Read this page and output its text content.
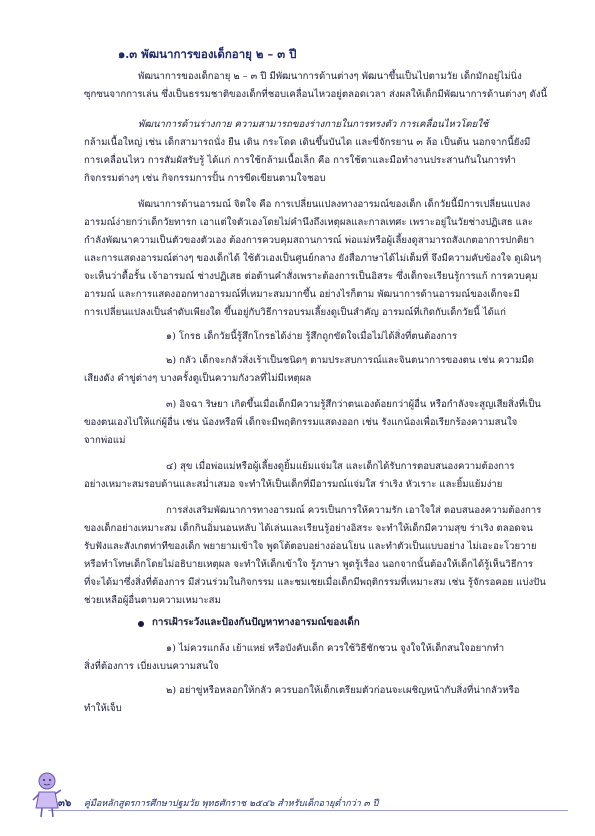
๑.๓ พัฒนาการของเด็กอายุ ๒ – ๓ ปี
พัฒนาการของเด็กอายุ ๒ – ๓ ปี มีพัฒนาการด้านต่างๆ พัฒนาขึ้นเป็นไปตามวัย เด็กมักอยู่ไม่นิ่ง
ซุกซนจากการเล่น ซึ่งเป็นธรรมชาติของเด็กที่ชอบเคลื่อนไหวอยู่ตลอดเวลา ส่งผลให้เด็กมีพัฒนาการด้านต่างๆ ดังนี้
พัฒนาการด้านร่างกาย ความสามารถของร่างกายในการทรงตัว การเคลื่อนไหวโดยใช้
กล้ามเนื้อใหญ่ เช่น เด็กสามารถนั่ง ยืน เดิน กระโดด เดินขึ้นบันได และขี่จักรยาน ๓ ล้อ เป็นต้น นอกจากนี้ยังมี
การเคลื่อนไหว การสัมผัสรับรู้ ได้แก่ การใช้กล้ามเนื้อเล็ก คือ การใช้ตาและมือทำงานประสานกันในการทำ
กิจกรรมต่างๆ เช่น กิจกรรมการปั้น การขีดเขียนตามใจชอบ
พัฒนาการด้านอารมณ์ จิตใจ คือ การเปลี่ยนแปลงทางอารมณ์ของเด็ก เด็กวัยนี้มีการเปลี่ยนแปลง
อารมณ์ง่ายกว่าเด็กวัยทารก เอาแต่ใจตัวเองโดยไม่คำนึงถึงเหตุผลและกาลเทศะ เพราะอยู่ในวัยช่างปฏิเสธ และ
กำลังพัฒนาความเป็นตัวของตัวเอง ต้องการควบคุมสถานการณ์ พ่อแม่หรือผู้เลี้ยงดูสามารถสังเกตอาการปกติยา
และการแสดงอารมณ์ต่างๆ ของเด็กได้ ใช้ตัวเองเป็นศูนย์กลาง ยังสื่อภาษาได้ไม่เต็มที่ จึงมีความคับข้องใจ ดูเผินๆ
จะเห็นว่าดื้อรั้น เจ้าอารมณ์ ช่างปฏิเสธ ต่อต้านคำสั่งเพราะต้องการเป็นอิสระ ซึ่งเด็กจะเรียนรู้การแก้ การควบคุม
อารมณ์ และการแสดงออกทางอารมณ์ที่เหมาะสมมากขึ้น อย่างไรก็ตาม พัฒนาการด้านอารมณ์ของเด็กจะมี
การเปลี่ยนแปลงเป็นลำดับเพียงใด ขึ้นอยู่กับวิธีการอบรมเลี้ยงดูเป็นสำคัญ อารมณ์ที่เกิดกับเด็กวัยนี้ ได้แก่
๑) โกรธ เด็กวัยนี้รู้สึกโกรธได้ง่าย รู้สึกถูกขัดใจเมื่อไม่ได้สิ่งที่ตนต้องการ
๒) กลัว เด็กจะกลัวสิ่งเร้าเป็นชนิดๆ ตามประสบการณ์และจินตนาการของตน เช่น ความมืด
เสียงดัง คำขู่ต่างๆ บางครั้งดูเป็นความกังวลที่ไม่มีเหตุผล
๓) อิจฉา ริษยา เกิดขึ้นเมื่อเด็กมีความรู้สึกว่าตนเองด้อยกว่าผู้อื่น หรือกำลังจะสูญเสียสิ่งที่เป็น
ของตนเองไปให้แก่ผู้อื่น เช่น น้องหรือพี่ เด็กจะมีพฤติกรรมแสดงออก เช่น รังแกน้องเพื่อเรียกร้องความสนใจ
จากพ่อแม่
๔) สุข เมื่อพ่อแม่หรือผู้เลี้ยงดูยิ้มแย้มแจ่มใส และเด็กได้รับการตอบสนองความต้องการ
อย่างเหมาะสมรอบด้านและสม่ำเสมอ จะทำให้เป็นเด็กที่มีอารมณ์แจ่มใส ร่าเริง หัวเราะ และยิ้มแย้มง่าย
การส่งเสริมพัฒนาการทางอารมณ์ ควรเป็นการให้ความรัก เอาใจใส่ ตอบสนองความต้องการ
ของเด็กอย่างเหมาะสม เด็กกินอิ่มนอนหลับ ได้เล่นและเรียนรู้อย่างอิสระ จะทำให้เด็กมีความสุข ร่าเริง ตลอดจน
รับฟังและสังเกตท่าทีของเด็ก พยายามเข้าใจ พูดโต้ตอบอย่างอ่อนโยน และทำตัวเป็นแบบอย่าง ไม่เอะอะโวยวาย
หรือทำโทษเด็กโดยไม่อธิบายเหตุผล จะทำให้เด็กเข้าใจ รู้ภาษา พูดรู้เรื่อง นอกจากนั้นต้องให้เด็กได้รู้เห็นวิธีการ
ที่จะได้มาซึ่งสิ่งที่ต้องการ มีส่วนร่วมในกิจกรรม และชมเชยเมื่อเด็กมีพฤติกรรมที่เหมาะสม เช่น รู้จักรอคอย แบ่งปัน
ช่วยเหลือผู้อื่นตามความเหมาะสม
การเฝ้าระวังและป้องกันปัญหาทางอารมณ์ของเด็ก
๑) ไม่ควรแกล้ง เย้าแหย่ หรือบังคับเด็ก ควรใช้วิธีชักชวน จูงใจให้เด็กสนใจอยากทำ
สิ่งที่ต้องการ เบี่ยงเบนความสนใจ
๒) อย่าขู่หรือหลอกให้กลัว ควรบอกให้เด็กเตรียมตัวก่อนจะเผชิญหน้ากับสิ่งที่น่ากลัวหรือ
ทำให้เจ็บ
๓๖ คู่มือหลักสูตรการศึกษาปฐมวัย พุทธศักราช ๒๕๔๖ สำหรับเด็กอายุต่ำกว่า ๓ ปี
